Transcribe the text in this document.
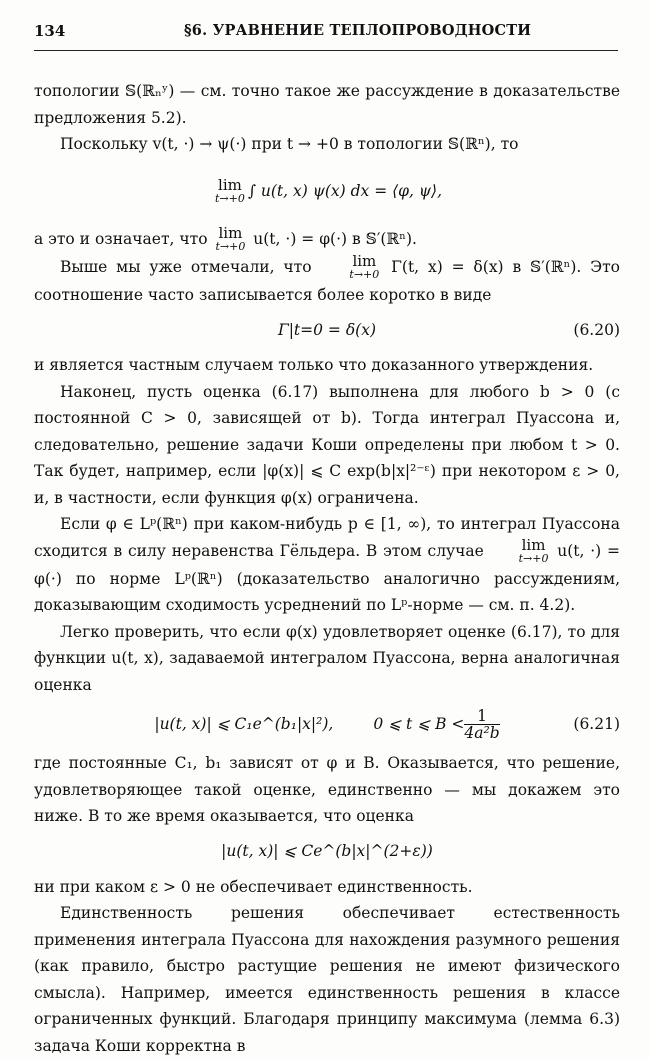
134	§6. УРАВНЕНИЕ ТЕПЛОПРОВОДНОСТИ

топологии 𝕊(ℝₙʸ) — см. точно такое же рассуждение в доказательстве предложения 5.2).

Поскольку v(t, ·) → ψ(·) при t → +0 в топологии 𝕊(ℝⁿ), то

lim
t→+0 ∫ u(t, x) ψ(x) dx = ⟨φ, ψ⟩,

а это и означает, что lim
t→+0 u(t, ·) = φ(·) в 𝕊′(ℝⁿ).

Выше мы уже отмечали, что	lim
t→+0 Γ(t, x) = δ(x) в 𝕊′(ℝⁿ). Это соотношение часто записывается более коротко в виде

Γ|t=0 = δ(x)	(6.20)

и является частным случаем только что доказанного утверждения.

Наконец, пусть оценка (6.17) выполнена для любого b > 0 (с постоянной C > 0, зависящей от b). Тогда интеграл Пуассона и, следовательно, решение задачи Коши определены при любом t > 0. Так будет, например, если |φ(x)| ⩽ C exp(b|x|²⁻ᵋ) при некотором ε > 0, и, в частности, если функция φ(x) ограничена.

Если φ ∈ Lᵖ(ℝⁿ) при каком-нибудь p ∈ [1, ∞), то интеграл Пуассона сходится в силу неравенства Гёльдера. В этом случае	lim
t→+0 u(t, ·) = φ(·) по норме Lᵖ(ℝⁿ) (доказательство аналогично рассуждениям, доказывающим сходимость усреднений по Lᵖ-норме — см. п. 4.2).

Легко проверить, что если φ(x) удовлетворяет оценке (6.17), то для функции u(t, x), задаваемой интегралом Пуассона, верна аналогичная оценка

|u(t, x)| ⩽ C₁e^(b₁|x|²),	0 ⩽ t ⩽ $B < \frac{1}{\text{4a²b}}$	(6.21)

где постоянные C₁, b₁ зависят от φ и B. Оказывается, что решение, удовлетворяющее такой оценке, единственно — мы докажем это ниже. В то же время оказывается, что оценка

|u(t, x)| ⩽ Ce^(b|x|^(2+ε))

ни при каком ε > 0 не обеспечивает единственность.

Единственность решения обеспечивает естественность применения интеграла Пуассона для нахождения разумного решения (как правило, быстро растущие решения не имеют физического смысла). Например, имеется единственность решения в классе ограниченных функций. Благодаря принципу максимума (лемма 6.3) задача Коши корректна в
